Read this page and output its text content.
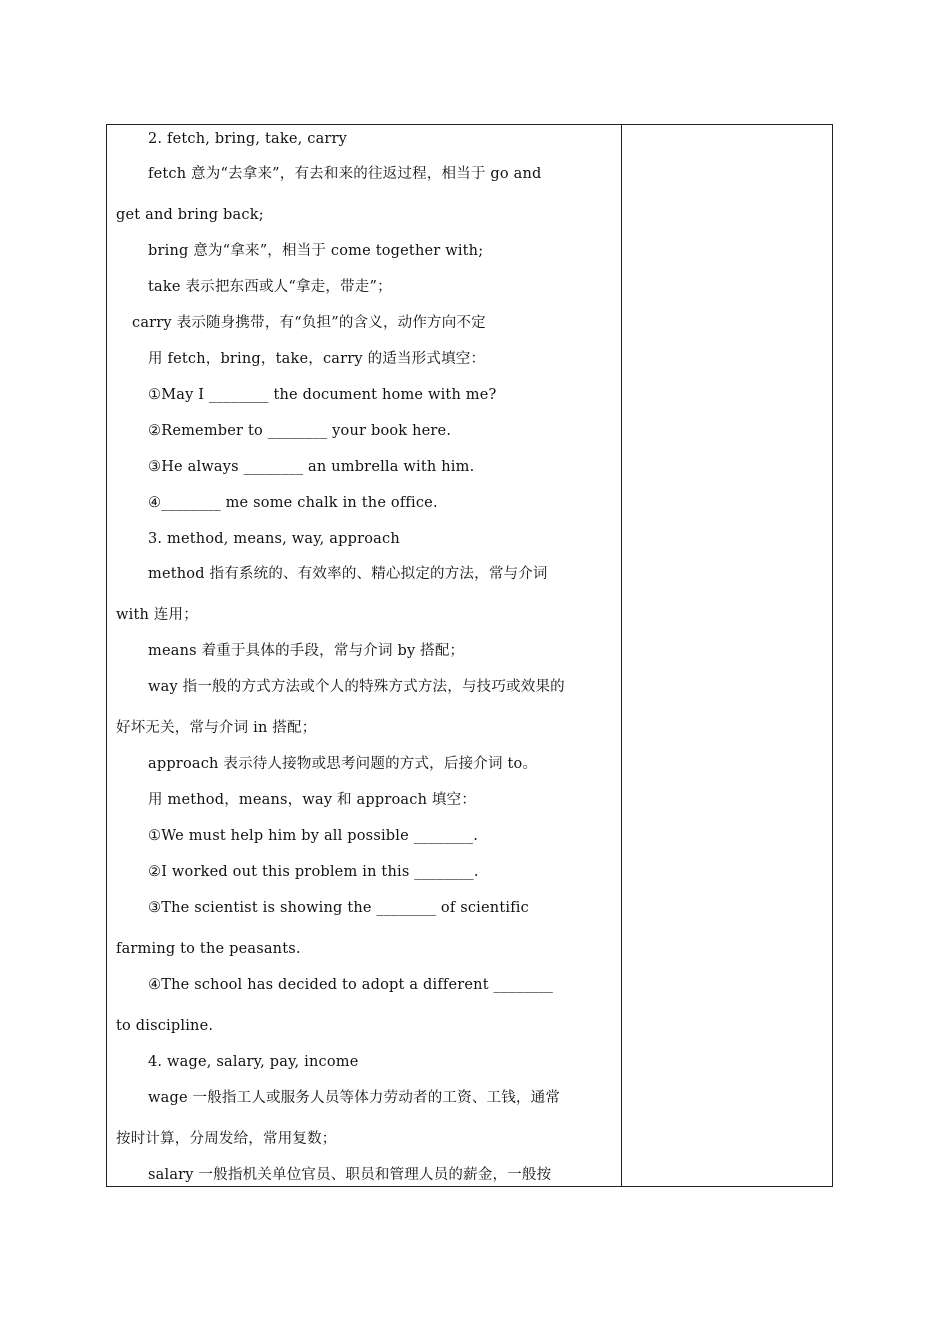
2. fetch, bring, take, carry
fetch 意为“去拿来”，有去和来的往返过程，相当于 go and
get and bring back;
bring 意为“拿来”，相当于 come together with;
take 表示把东西或人“拿走，带走”；
carry 表示随身携带，有“负担”的含义，动作方向不定
用 fetch，bring，take，carry 的适当形式填空：
①May I ________ the document home with me?
②Remember to ________ your book here.
③He always ________ an umbrella with him.
④________ me some chalk in the office.
3. method, means, way, approach
method 指有系统的、有效率的、精心拟定的方法，常与介词
with 连用；
means 着重于具体的手段，常与介词 by 搭配；
way 指一般的方式方法或个人的特殊方式方法，与技巧或效果的
好坏无关，常与介词 in 搭配；
approach 表示待人接物或思考问题的方式，后接介词 to。
用 method，means，way 和 approach 填空：
①We must help him by all possible ________.
②I worked out this problem in this ________.
③The scientist is showing the ________ of scientific
farming to the peasants.
④The school has decided to adopt a different ________
to discipline.
4. wage, salary, pay, income
wage 一般指工人或服务人员等体力劳动者的工资、工钱，通常
按时计算，分周发给，常用复数；
salary 一般指机关单位官员、职员和管理人员的薪金，一般按
